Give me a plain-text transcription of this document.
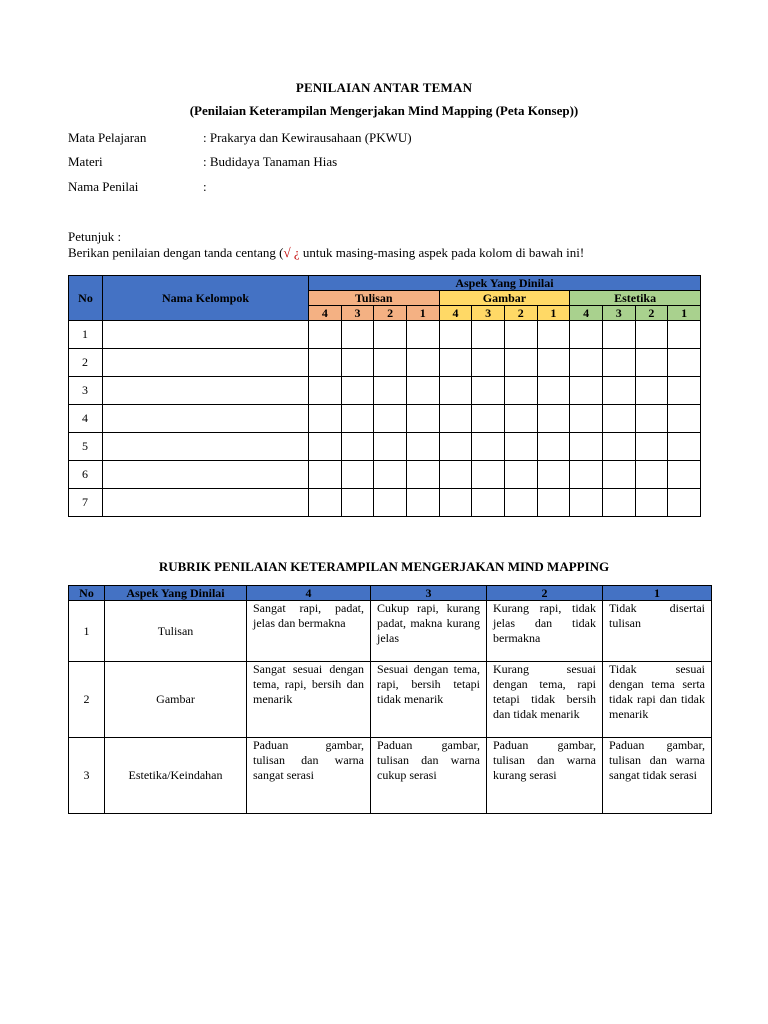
PENILAIAN ANTAR TEMAN
(Penilaian Keterampilan Mengerjakan Mind Mapping (Peta Konsep))
Mata Pelajaran	: Prakarya dan Kewirausahaan (PKWU)
Materi	: Budidaya Tanaman Hias
Nama Penilai	:
Petunjuk :
Berikan penilaian dengan tanda centang (√ ¿ untuk masing-masing aspek pada kolom di bawah ini!
No	Nama Kelompok	Aspek Yang Dinilai											
		Tulisan				Gambar				Estetika			
		4	3	2	1	4	3	2	1	4	3	2	1
1													
2													
3													
4													
5													
6													
7													
RUBRIK PENILAIAN KETERAMPILAN MENGERJAKAN MIND MAPPING
No	Aspek Yang Dinilai	4	3	2	1
1	Tulisan	Sangat rapi, padat, jelas dan bermakna	Cukup rapi, kurang padat, makna kurang jelas	Kurang rapi, tidak jelas dan tidak bermakna	Tidak disertai tulisan
2	Gambar	Sangat sesuai dengan tema, rapi, bersih dan menarik	Sesuai dengan tema, rapi, bersih tetapi tidak menarik	Kurang sesuai dengan tema, rapi tetapi tidak bersih dan tidak menarik	Tidak sesuai dengan tema serta tidak rapi dan tidak menarik
3	Estetika/Keindahan	Paduan gambar, tulisan dan warna sangat serasi	Paduan gambar, tulisan dan warna cukup serasi	Paduan gambar, tulisan dan warna kurang serasi	Paduan gambar, tulisan dan warna sangat tidak serasi
